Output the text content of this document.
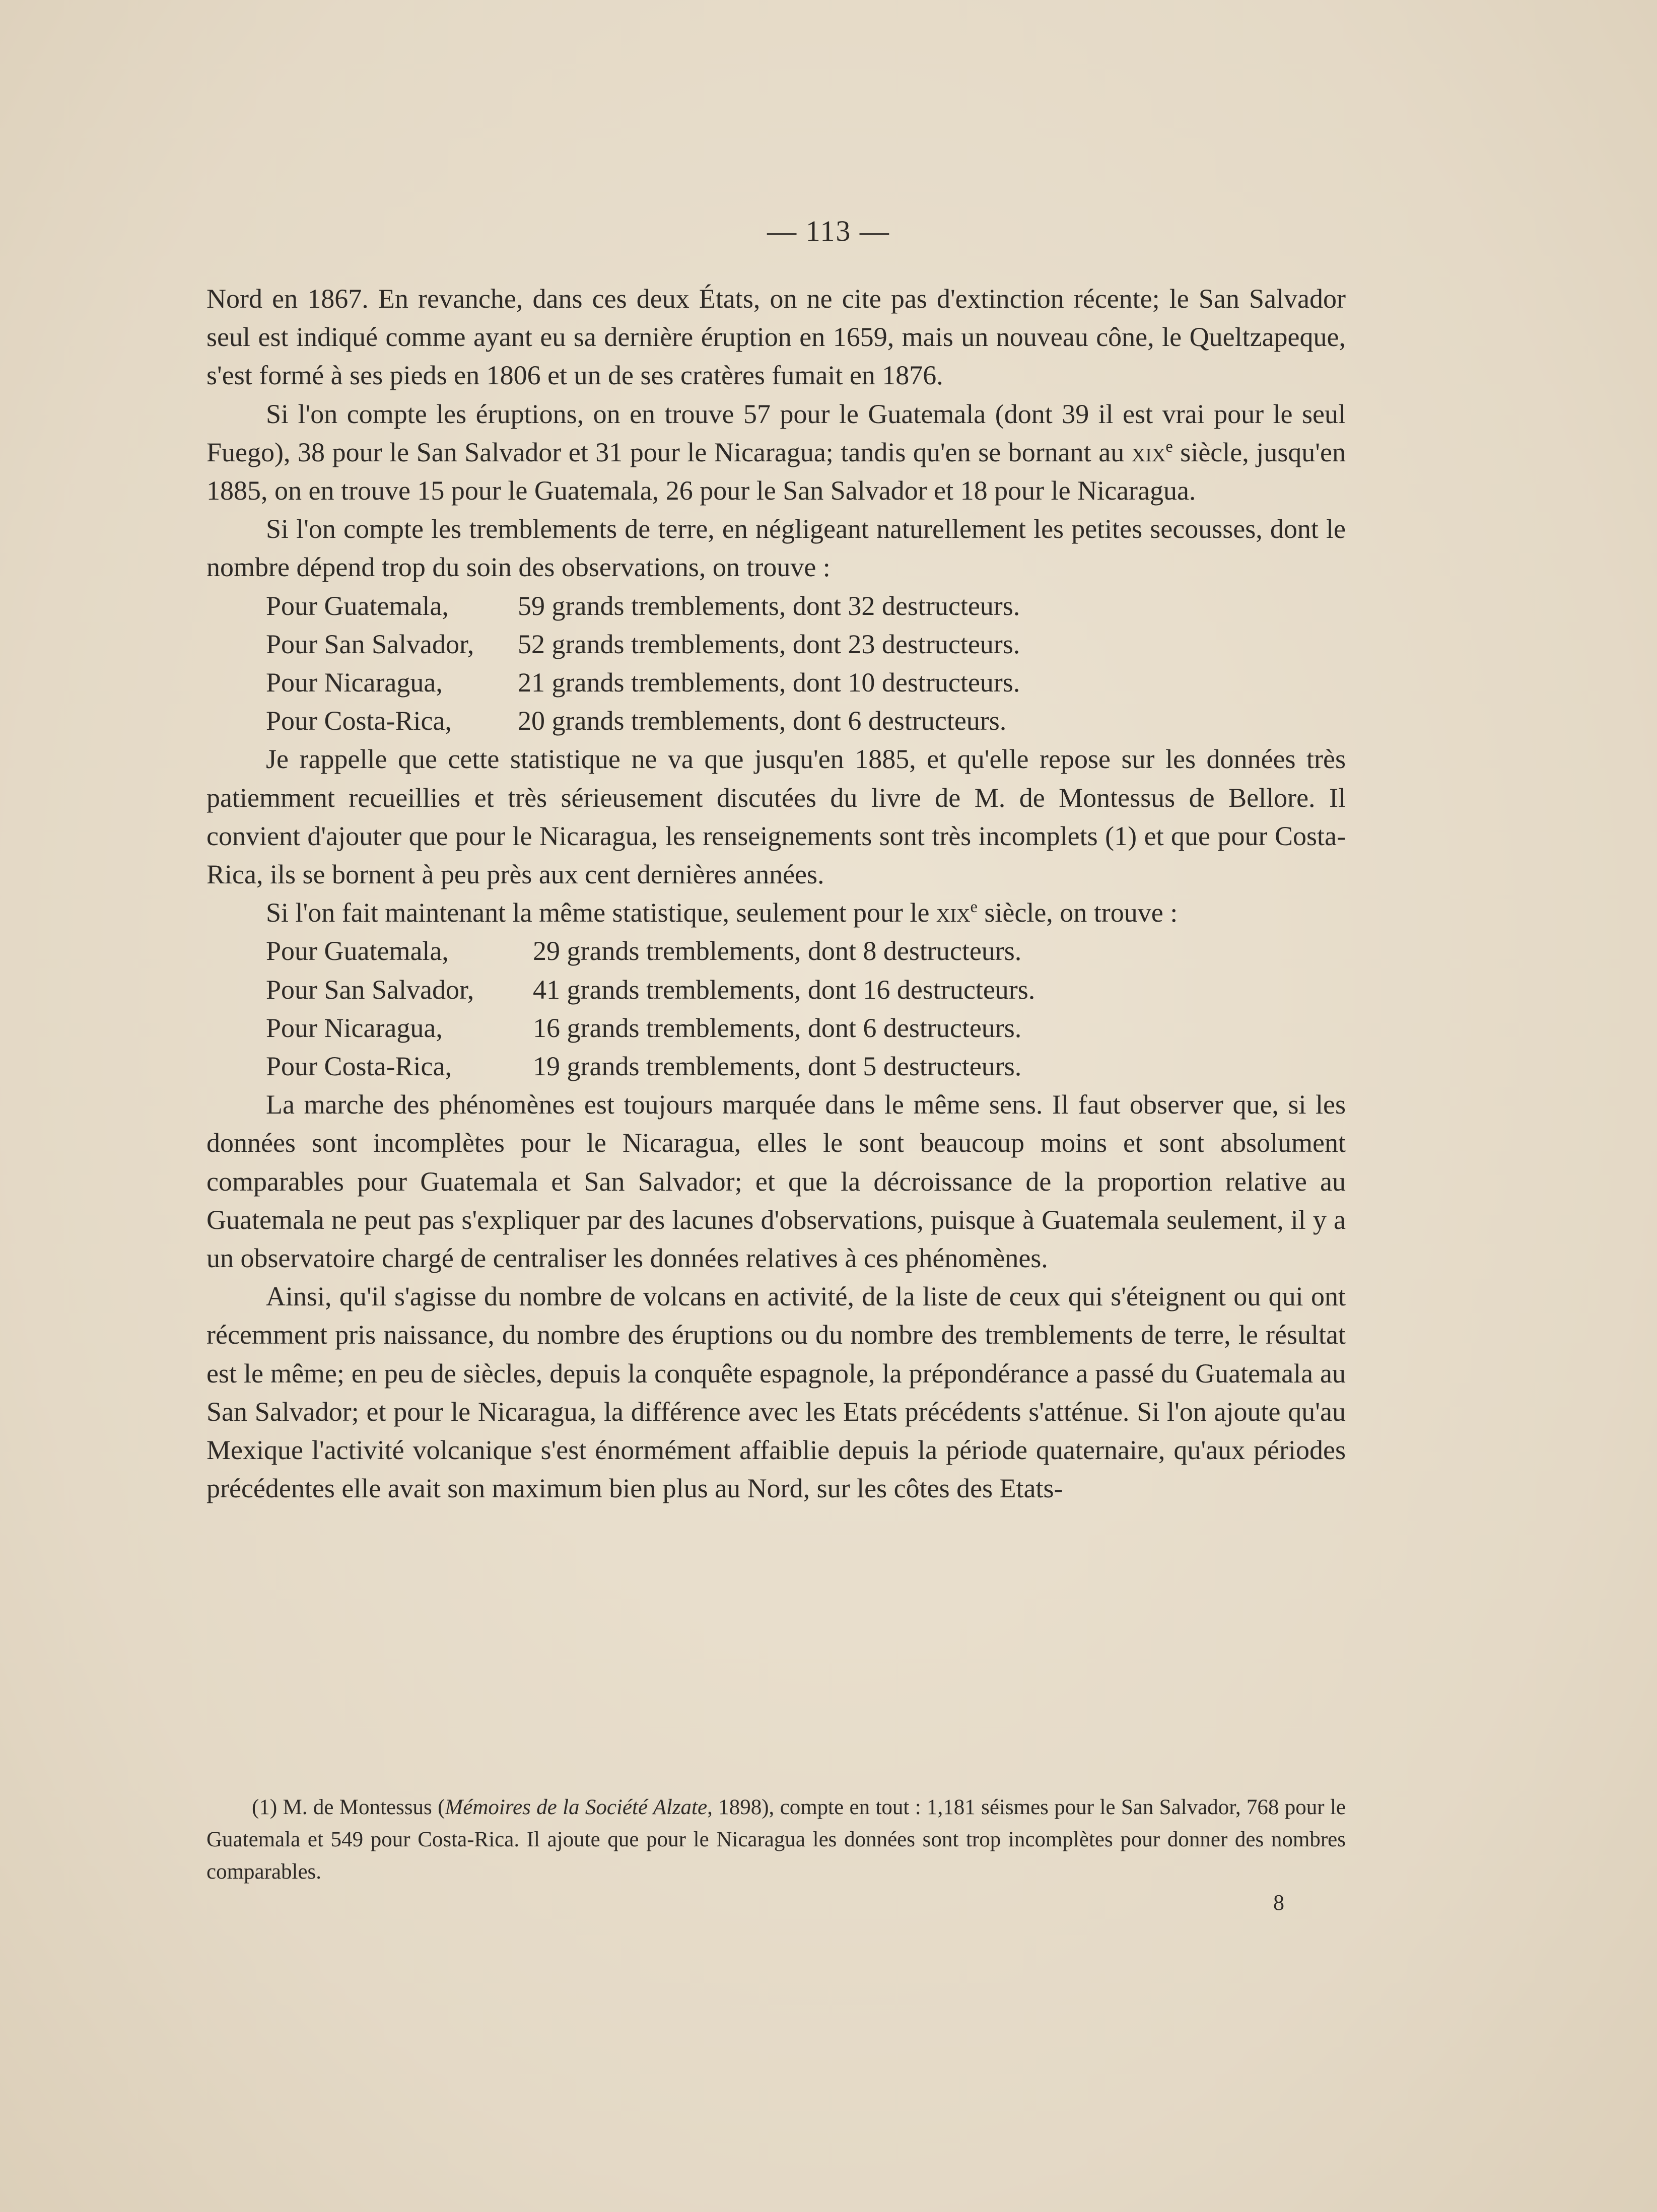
— 113 —

Nord en 1867. En revanche, dans ces deux États, on ne cite pas d'extinction récente; le San Salvador seul est indiqué comme ayant eu sa dernière éruption en 1659, mais un nouveau cône, le Queltzapeque, s'est formé à ses pieds en 1806 et un de ses cratères fumait en 1876.

Si l'on compte les éruptions, on en trouve 57 pour le Guatemala (dont 39 il est vrai pour le seul Fuego), 38 pour le San Salvador et 31 pour le Nicaragua; tandis qu'en se bornant au xix$^e$ siècle, jusqu'en 1885, on en trouve 15 pour le Guatemala, 26 pour le San Salvador et 18 pour le Nicaragua.

Si l'on compte les tremblements de terre, en négligeant naturellement les petites secousses, dont le nombre dépend trop du soin des observations, on trouve :

Pour Guatemala,	59 grands tremblements, dont 32 destructeurs.

Pour San Salvador,	52 grands tremblements, dont 23 destructeurs.

Pour Nicaragua,	21 grands tremblements, dont 10 destructeurs.

Pour Costa-Rica,	20 grands tremblements, dont 6 destructeurs.

Je rappelle que cette statistique ne va que jusqu'en 1885, et qu'elle repose sur les données très patiemment recueillies et très sérieusement discutées du livre de M. de Montessus de Bellore. Il convient d'ajouter que pour le Nicaragua, les renseignements sont très incomplets (1) et que pour Costa-Rica, ils se bornent à peu près aux cent dernières années.

Si l'on fait maintenant la même statistique, seulement pour le xix$^e$ siècle, on trouve :

Pour Guatemala,	29 grands tremblements, dont 8 destructeurs.

Pour San Salvador,	41 grands tremblements, dont 16 destructeurs.

Pour Nicaragua,	16 grands tremblements, dont 6 destructeurs.

Pour Costa-Rica,	19 grands tremblements, dont 5 destructeurs.

La marche des phénomènes est toujours marquée dans le même sens. Il faut observer que, si les données sont incomplètes pour le Nicaragua, elles le sont beaucoup moins et sont absolument comparables pour Guatemala et San Salvador; et que la décroissance de la proportion relative au Guatemala ne peut pas s'expliquer par des lacunes d'observations, puisque à Guatemala seulement, il y a un observatoire chargé de centraliser les données relatives à ces phénomènes.

Ainsi, qu'il s'agisse du nombre de volcans en activité, de la liste de ceux qui s'éteignent ou qui ont récemment pris naissance, du nombre des éruptions ou du nombre des tremblements de terre, le résultat est le même; en peu de siècles, depuis la conquête espagnole, la prépondérance a passé du Guatemala au San Salvador; et pour le Nicaragua, la différence avec les Etats précédents s'atténue. Si l'on ajoute qu'au Mexique l'activité volcanique s'est énormément affaiblie depuis la période quaternaire, qu'aux périodes précédentes elle avait son maximum bien plus au Nord, sur les côtes des Etats-

(1) M. de Montessus (Mémoires de la Société Alzate, 1898), compte en tout : 1,181 séismes pour le San Salvador, 768 pour le Guatemala et 549 pour Costa-Rica. Il ajoute que pour le Nicaragua les données sont trop incomplètes pour donner des nombres comparables.

8
